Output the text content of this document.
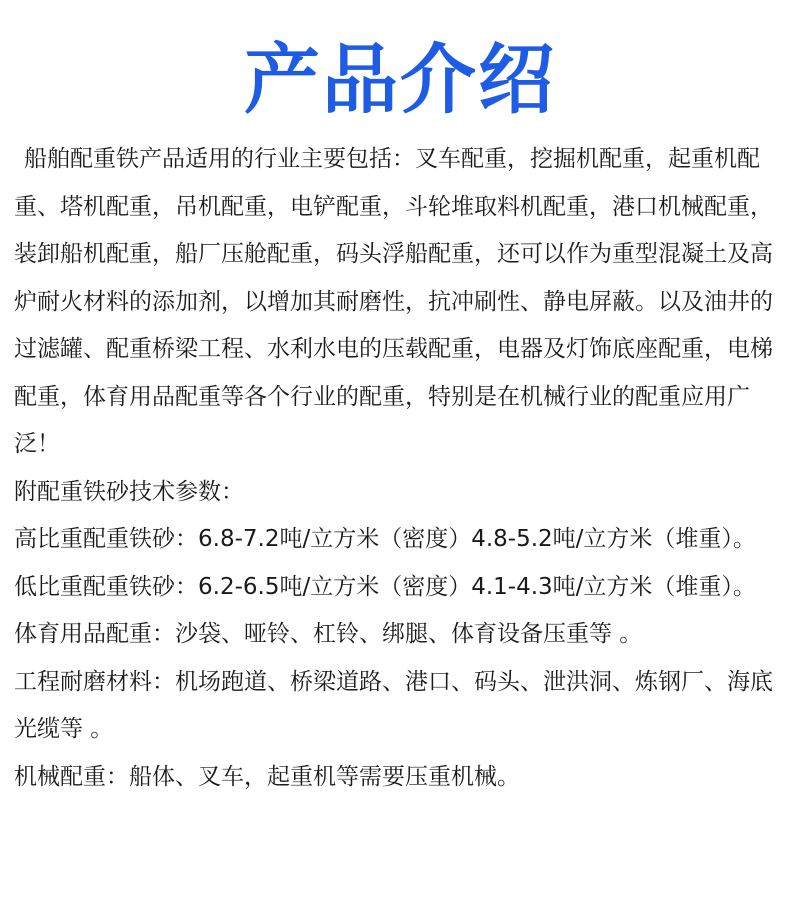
产品介绍

船舶配重铁产品适用的行业主要包括：叉车配重，挖掘机配重，起重机配重、塔机配重，吊机配重，电铲配重，斗轮堆取料机配重，港口机械配重，装卸船机配重，船厂压舱配重，码头浮船配重，还可以作为重型混凝土及高炉耐火材料的添加剂，以增加其耐磨性，抗冲刷性、静电屏蔽。以及油井的过滤罐、配重桥梁工程、水利水电的压载配重，电器及灯饰底座配重，电梯配重，体育用品配重等各个行业的配重，特别是在机械行业的配重应用广泛！

附配重铁砂技术参数：

高比重配重铁砂：6.8-7.2吨/立方米（密度）4.8-5.2吨/立方米（堆重）。

低比重配重铁砂：6.2-6.5吨/立方米（密度）4.1-4.3吨/立方米（堆重）。

体育用品配重：沙袋、哑铃、杠铃、绑腿、体育设备压重等 。

工程耐磨材料：机场跑道、桥梁道路、港口、码头、泄洪洞、炼钢厂、海底光缆等 。

机械配重：船体、叉车，起重机等需要压重机械。
